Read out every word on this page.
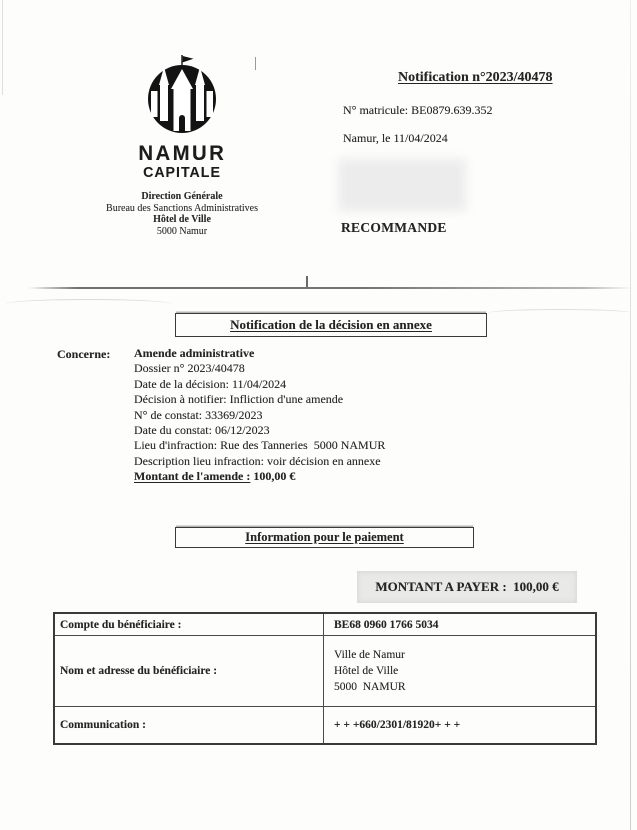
NAMUR
CAPITALE
Direction Générale
Bureau des Sanctions Administratives
Hôtel de Ville
5000 Namur
Notification n°2023/40478
N° matricule: BE0879.639.352
Namur, le 11/04/2024
RECOMMANDE
Notification de la décision en annexe
Concerne: Amende administrative
Dossier n° 2023/40478
Date de la décision: 11/04/2024
Décision à notifier: Infliction d'une amende
N° de constat: 33369/2023
Date du constat: 06/12/2023
Lieu d'infraction: Rue des Tanneries  5000 NAMUR
Description lieu infraction: voir décision en annexe
Montant de l'amende : 100,00 €
Information pour le paiement
MONTANT A PAYER :  100,00 €
Compte du bénéficiaire :	BE68 0960 1766 5034
Nom et adresse du bénéficiaire :
Ville de Namur
Hôtel de Ville
5000  NAMUR
Communication :	+ + +660/2301/81920+ + +
